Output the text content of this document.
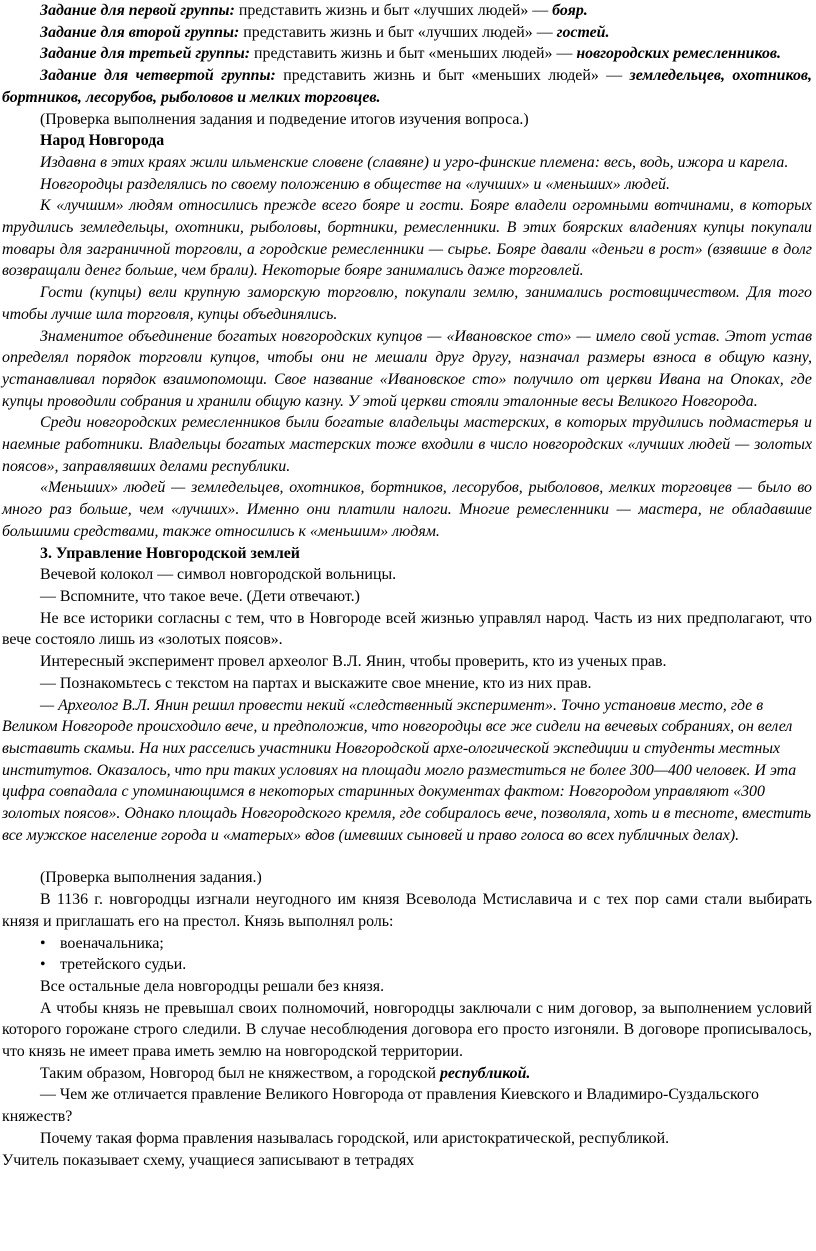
Задание для первой группы: представить жизнь и быт «лучших людей» — бояр.

Задание для второй группы: представить жизнь и быт «лучших людей» — гостей.

Задание для третьей группы: представить жизнь и быт «меньших людей» — новгородских ремесленников.

Задание для четвертой группы: представить жизнь и быт «меньших людей» — земледельцев, охотников, бортников, лесорубов, рыболовов и мелких торговцев.

(Проверка выполнения задания и подведение итогов изучения вопроса.)

Народ Новгорода

Издавна в этих краях жили ильменские словене (славяне) и угро-финские племена: весь, водь, ижора и карела.

Новгородцы разделялись по своему положению в обществе на «лучших» и «меньших» людей.

К «лучшим» людям относились прежде всего бояре и гости. Бояре владели огромными вотчинами, в которых трудились земледельцы, охотники, рыболовы, бортники, ремесленники. В этих боярских владениях купцы покупали товары для заграничной торговли, а городские ремесленники — сырье. Бояре давали «деньги в рост» (взявшие в долг возвращали денег больше, чем брали). Некоторые бояре занимались даже торговлей.

Гости (купцы) вели крупную заморскую торговлю, покупали землю, занимались ростовщичеством. Для того чтобы лучше шла торговля, купцы объединялись.

Знаменитое объединение богатых новгородских купцов — «Ивановское сто» — имело свой устав. Этот устав определял порядок торговли купцов, чтобы они не мешали друг другу, назначал размеры взноса в общую казну, устанавливал порядок взаимопомощи. Свое название «Ивановское сто» получило от церкви Ивана на Опоках, где купцы проводили собрания и хранили общую казну. У этой церкви стояли эталонные весы Великого Новгорода.

Среди новгородских ремесленников были богатые владельцы мастерских, в которых трудились подмастерья и наемные работники. Владельцы богатых мастерских тоже входили в число новгородских «лучших людей — золотых поясов», заправлявших делами республики.

«Меньших» людей — земледельцев, охотников, бортников, лесорубов, рыболовов, мелких торговцев — было во много раз больше, чем «лучших». Именно они платили налоги. Многие ремесленники — мастера, не обладавшие большими средствами, также относились к «меньшим» людям.

3. Управление Новгородской землей

Вечевой колокол — символ новгородской вольницы.

— Вспомните, что такое вече. (Дети отвечают.)

Не все историки согласны с тем, что в Новгороде всей жизнью управлял народ. Часть из них предполагают, что вече состояло лишь из «золотых поясов».

Интересный эксперимент провел археолог В.Л. Янин, чтобы проверить, кто из ученых прав.

— Познакомьтесь с текстом на партах и выскажите свое мнение, кто из них прав.

— Археолог В.Л. Янин решил провести некий «следственный эксперимент». Точно установив место, где в Великом Новгороде происходило вече, и предположив, что новгородцы все же сидели на вечевых собраниях, он велел выставить скамьи. На них расселись участники Новгородской архе-ологической экспедиции и студенты местных институтов. Оказалось, что при таких условиях на площади могло разместиться не более 300—400 человек. И эта цифра совпадала с упоминающимся в некоторых старинных документах фактом: Новгородом управляют «300 золотых поясов». Однако площадь Новгородского кремля, где собиралось вече, позволяла, хоть и в тесноте, вместить все мужское население города и «матерых» вдов (имевших сыновей и право голоса во всех публичных делах).

(Проверка выполнения задания.)

В 1136 г. новгородцы изгнали неугодного им князя Всеволода Мстиславича и с тех пор сами стали выбирать князя и приглашать его на престол. Князь выполнял роль:

• военачальника;
• третейского судьи.

Все остальные дела новгородцы решали без князя.

А чтобы князь не превышал своих полномочий, новгородцы заключали с ним договор, за выполнением условий которого горожане строго следили. В случае несоблюдения договора его просто изгоняли. В договоре прописывалось, что князь не имеет права иметь землю на новгородской территории.

Таким образом, Новгород был не княжеством, а городской республикой.

— Чем же отличается правление Великого Новгорода от правления Киевского и Владимиро-Суздальского княжеств?

Почему такая форма правления называлась городской, или аристократической, республикой.

Учитель показывает схему, учащиеся записывают в тетрадях
